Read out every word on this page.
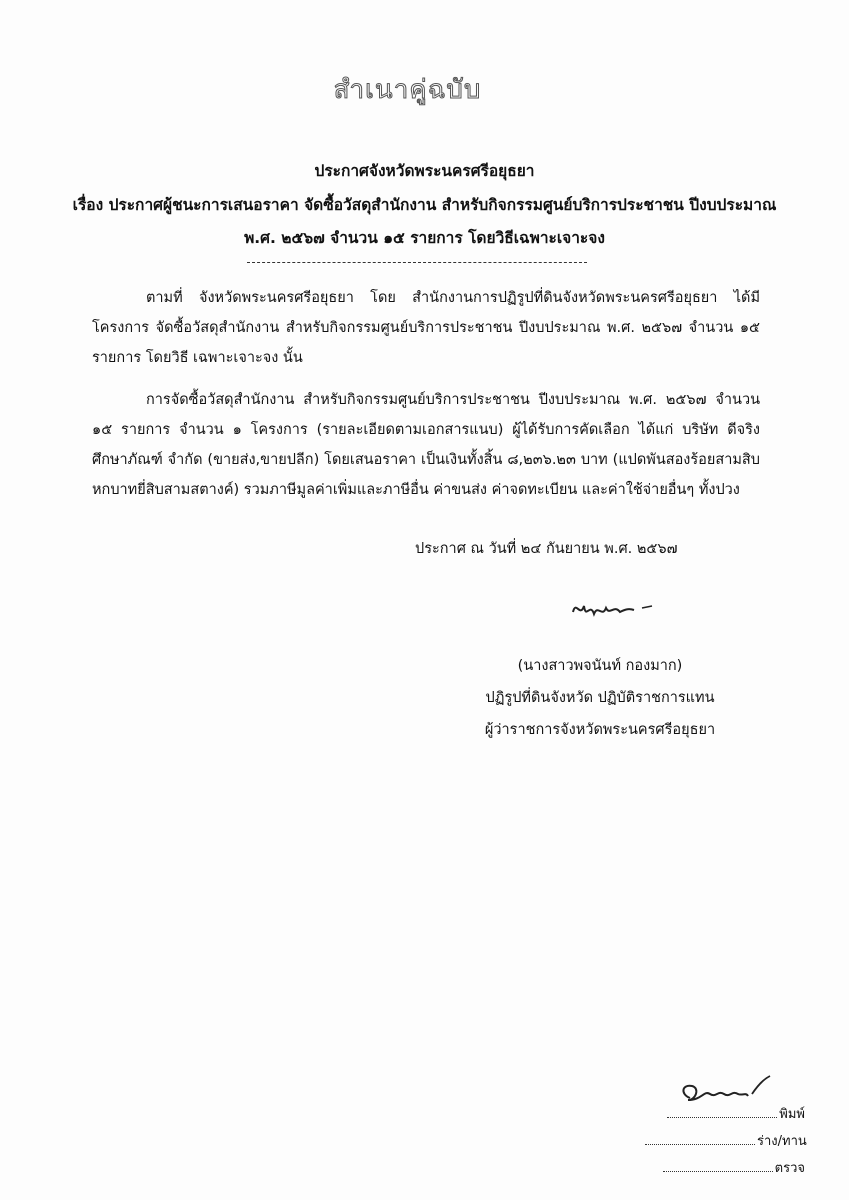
สำเนาคู่ฉบับ
ประกาศจังหวัดพระนครศรีอยุธยา
เรื่อง ประกาศผู้ชนะการเสนอราคา จัดซื้อวัสดุสำนักงาน สำหรับกิจกรรมศูนย์บริการประชาชน ปีงบประมาณ
พ.ศ. ๒๕๖๗ จำนวน ๑๕ รายการ โดยวิธีเฉพาะเจาะจง

ตามที่ จังหวัดพระนครศรีอยุธยา โดย สำนักงานการปฏิรูปที่ดินจังหวัดพระนครศรีอยุธยา ได้มีโครงการ จัดซื้อวัสดุสำนักงาน สำหรับกิจกรรมศูนย์บริการประชาชน ปีงบประมาณ พ.ศ. ๒๕๖๗ จำนวน ๑๕ รายการ โดยวิธี เฉพาะเจาะจง นั้น

การจัดซื้อวัสดุสำนักงาน สำหรับกิจกรรมศูนย์บริการประชาชน ปีงบประมาณ พ.ศ. ๒๕๖๗ จำนวน ๑๕ รายการ จำนวน ๑ โครงการ (รายละเอียดตามเอกสารแนบ) ผู้ได้รับการคัดเลือก ได้แก่ บริษัท ดีจริงศึกษาภัณฑ์ จำกัด (ขายส่ง,ขายปลีก) โดยเสนอราคา เป็นเงินทั้งสิ้น ๘,๒๓๖.๒๓ บาท (แปดพันสองร้อยสามสิบหกบาทยี่สิบสามสตางค์) รวมภาษีมูลค่าเพิ่มและภาษีอื่น ค่าขนส่ง ค่าจดทะเบียน และค่าใช้จ่ายอื่นๆ ทั้งปวง

ประกาศ ณ วันที่ ๒๔ กันยายน พ.ศ. ๒๕๖๗
(นางสาวพจนันท์ กองมาก)
ปฏิรูปที่ดินจังหวัด ปฏิบัติราชการแทน
ผู้ว่าราชการจังหวัดพระนครศรีอยุธยา
พิมพ์
ร่าง/ทาน
ตรวจ
